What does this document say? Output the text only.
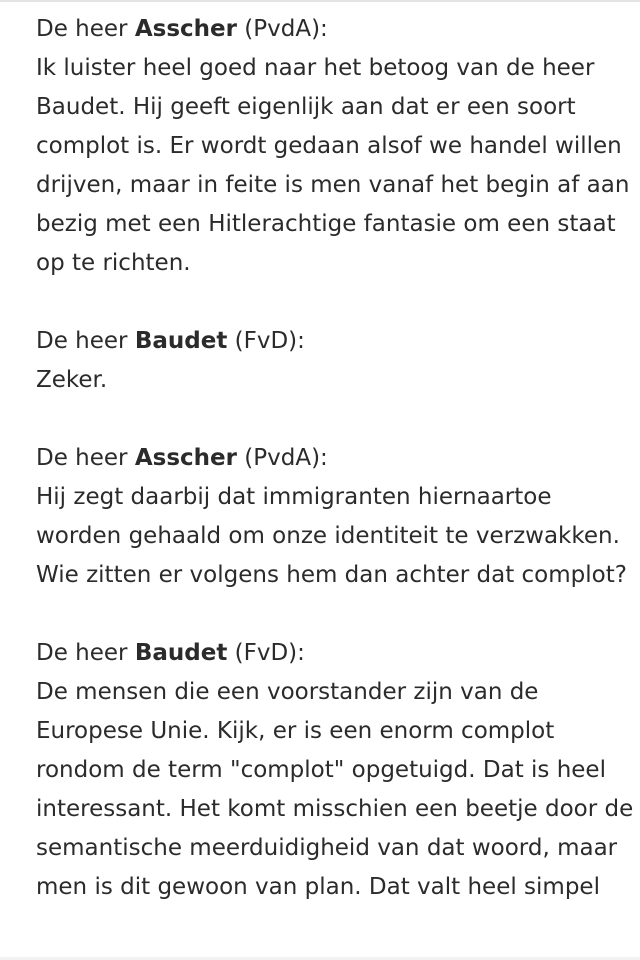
De heer Asscher (PvdA):
Ik luister heel goed naar het betoog van de heer
Baudet. Hij geeft eigenlijk aan dat er een soort
complot is. Er wordt gedaan alsof we handel willen
drijven, maar in feite is men vanaf het begin af aan
bezig met een Hitlerachtige fantasie om een staat
op te richten.

De heer Baudet (FvD):
Zeker.

De heer Asscher (PvdA):
Hij zegt daarbij dat immigranten hiernaartoe
worden gehaald om onze identiteit te verzwakken.
Wie zitten er volgens hem dan achter dat complot?

De heer Baudet (FvD):
De mensen die een voorstander zijn van de
Europese Unie. Kijk, er is een enorm complot
rondom de term "complot" opgetuigd. Dat is heel
interessant. Het komt misschien een beetje door de
semantische meerduidigheid van dat woord, maar
men is dit gewoon van plan. Dat valt heel simpel
